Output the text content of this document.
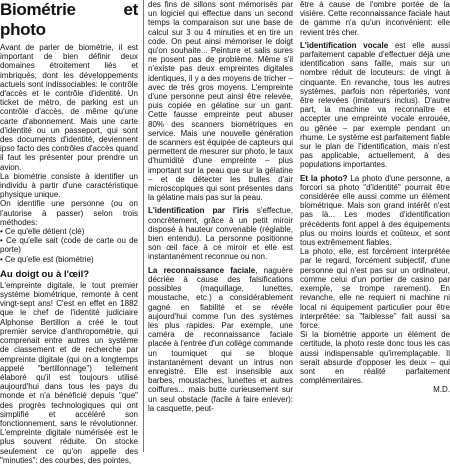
Biométrie et photo

Avant de parler de biométrie, il est important de bien définir deux domaines étroitement liés et imbriqués, dont les développements actuels sont indissociables: le contrôle d'accès et le contrôle d'identité. Un ticket de métro, de parking est un contrôle d'accès, de même qu'une carte d'abonnement. Mais une carte d'identité ou un passeport, qui sont des documents d'identité, deviennent ipso facto des contrôles d'accès quand il faut les présenter pour prendre un avion.

La biométrie consiste à identifier un individu à partir d'une caractéristique physique unique.

On identifie une personne (ou on l'autorise à passer) selon trois méthodes:

• Ce qu'elle détient (clé)

• Ce qu'elle sait (code de carte ou de porte)

• Ce qu'elle est (biométrie)

Au doigt ou à l'œil?

L'empreinte digitale, le tout premier système biométrique, remonte à cent vingt-sept ans! C'est en effet en 1882 que le chef de l'identité judiciaire Alphonse Bertillon a créé le tout premier service d'anthropométrie, qui comprenait entre autres un système de classement et de recherche par empreinte digitale (qui on a longtemps appelé "bertillonnage") tellement élaboré qu'il est toujours utilisé aujourd'hui dans tous les pays du monde et n'a bénéficié depuis "que" des progrès technologiques qui ont simplifié et accéléré son fonctionnement, sans le révolutionner. L'empreinte digitale numérisée est le plus souvent réduite. On stocke seulement ce qu'on appelle des "minuties": des courbes, des pointes,

des fins de sillons sont mémorisés par un logiciel qui effectue dans un second temps la comparaison sur une base de calcul sur 3 ou 4 minuties et en tire un code. On peut ainsi mémoriser le doigt qu'on souhaite... Peinture et salis sures ne posent pas de problème. Même s'il n'existe pas deux empreintes digitales identiques, il y a des moyens de tricher – avec de très gros moyens. L'empreinte d'une personne peut ainsi être relevée, puis copiée en gélatine sur un gant. Cette fausse empreinte peut abuser 80% des scanners biométriques en service. Mais une nouvelle génération de scanners est équipée de capteurs qui permettent de mesurer sur photo, le taux d'humidité d'une empreinte – plus important sur la peau que sur la gélatine – et de détecter les bulles d'air microscopiques qui sont présentes dans la gélatine mais pas sur la peau.

L'identification par l'iris s'effectue, concrètement, grâce à un petit miroir disposé à hauteur convenable (réglable, bien entendu). La personne positionne son œil face à ce miroir et elle est instantanément reconnue ou non.

La reconnaissance faciale, naguère décriée à cause des falsifications possibles (maquillage, lunettes, moustache, etc.) a considérablement gagné en fiabilité et se révèle aujourd'hui comme l'un des systèmes les plus rapides. Par exemple, une caméra de reconnaissance faciale placée à l'entrée d'un collège commande un tourniquet qui se bloque instantanément devant un intrus non enregistré. Elle est insensible aux barbes, moustaches, lunettes et autres coiffures... mais butte curieusement sur un seul obstacle (facile à faire enlever): la casquette, peut-

être à cause de l'ombre portée de la visière. Cette reconnaissance faciale haut de gamme n'a qu'un inconvénient: elle revient très cher.

L'identification vocale est elle aussi parfaitement capable d'effectuer déjà une identification sans faille, mais sur un nombre réduit de locuteurs: de vingt à cinquante. En revanche, tous les autres systèmes, parfois non répertoriés, vont être relevées (imitateurs inclus). D'autre part, la machine va reconnaître et accepter une empreinte vocale enrouée, ou gênée – par exemple pendant un rhume. Le système est parfaitement fiable sur le plan de l'identification, mais n'est pas applicable, actuellement, à des populations importantes.

Et la photo? La photo d'une personne, a forcori sa photo "d'identité" pourrait être considérée elle aussi comme un élément biométrique. Mais son grand intérêt n'est pas là... Les modes d'identification précédents font appel à des équipements plus ou moins lourds et coûteux, et sont tous extrêmement fiables.

La photo, elle, est forcément interprétée par le regard, forcément subjectif, d'une personne qui n'est pas sur un ordinateur, comme celui d'un portier de casino par exemple, se trompe rarement). En revanche, elle ne requiert ni machine ni local ni équipement particulier pour être interprétée: sa "faiblesse" fait aussi sa force.

Si la biométrie apporte un élément de certitude, la photo reste donc tous les cas aussi indispensable qu'irremplaçable. Il serait absurde d'opposer les deux – qui sont en réalité parfaitement complémentaires.

M.D.
